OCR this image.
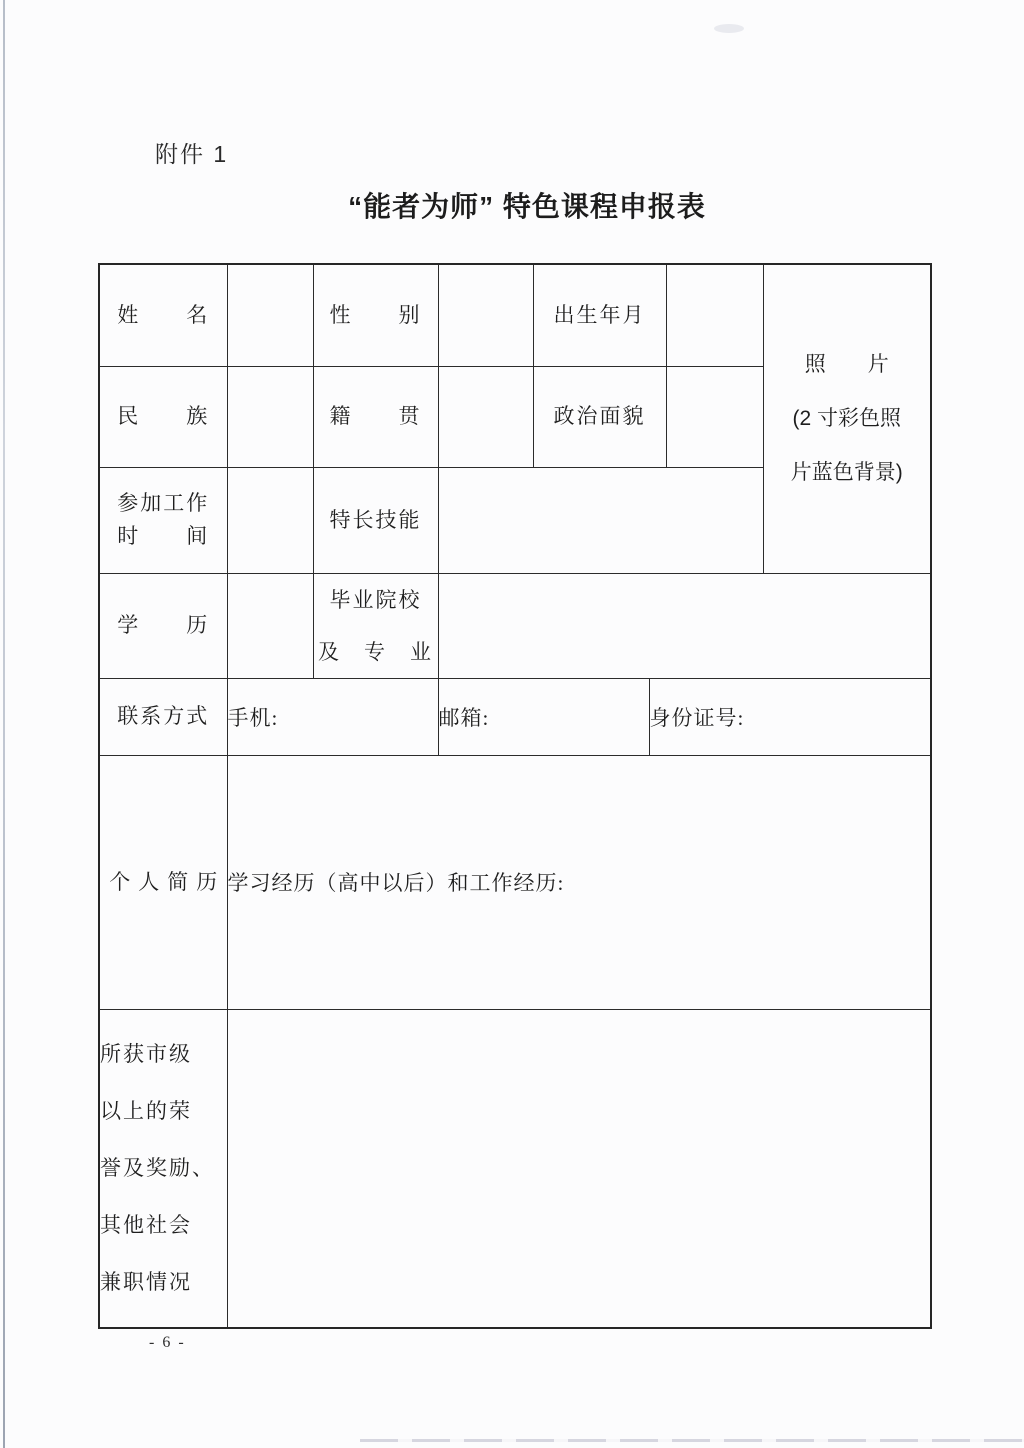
附件 1
“能者为师” 特色课程申报表
姓　　名		性　　别		出生年月			照　　片
(2 寸彩色照
片蓝色背景)

民　　族		籍　　贯		政治面貌			

参加工作
时　　间		特长技能					
学　　历		毕业院校
及　专　业					

联系方式	手机:		邮箱:		身份证号:		
个人简历	学习经历（高中以后）和工作经历:						

所获市级
以上的荣
誉及奖励、
其他社会
兼职情况							

- 6 -
